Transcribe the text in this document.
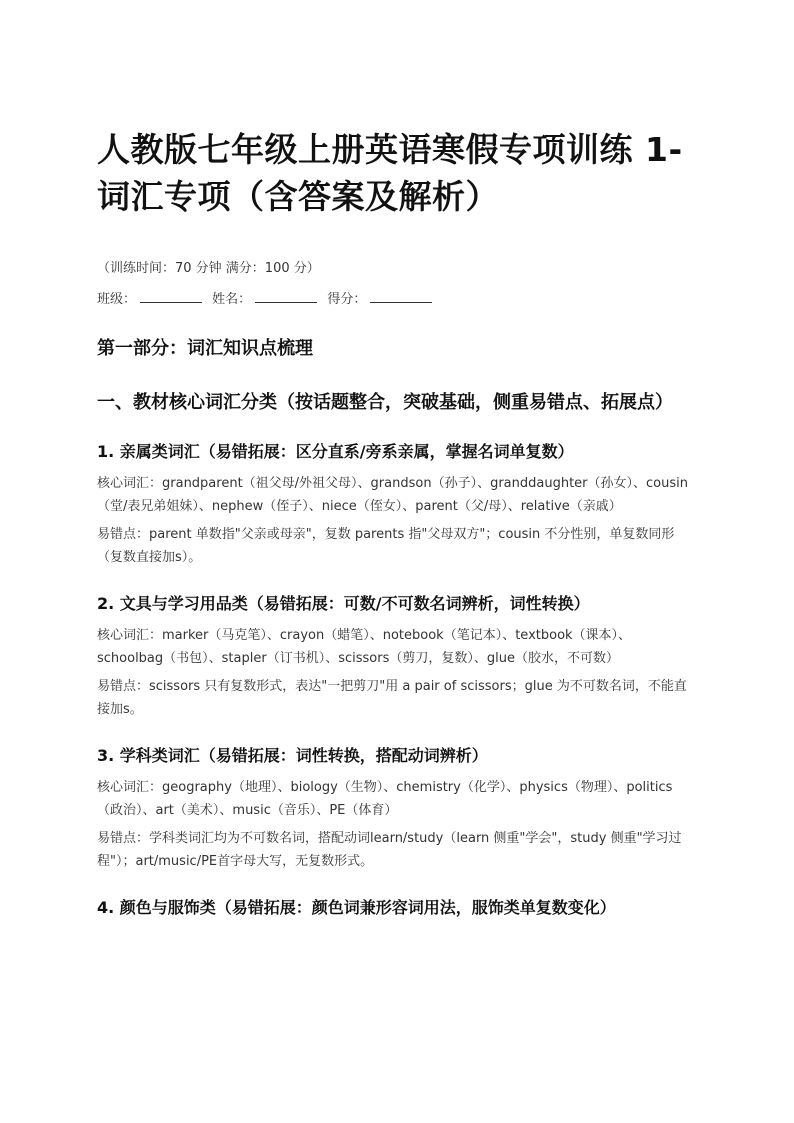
人教版七年级上册英语寒假专项训练 1-词汇专项（含答案及解析）
（训练时间：70 分钟 满分：100 分）
班级：	姓名：	得分：
第一部分：词汇知识点梳理
一、教材核心词汇分类（按话题整合，突破基础，侧重易错点、拓展点）
1. 亲属类词汇（易错拓展：区分直系/旁系亲属，掌握名词单复数）
核心词汇：grandparent（祖父母/外祖父母）、grandson（孙子）、granddaughter（孙女）、cousin（堂/表兄弟姐妹）、nephew（侄子）、niece（侄女）、parent（父/母）、relative（亲戚）
易错点：parent 单数指"父亲或母亲"，复数 parents 指"父母双方"；cousin 不分性别，单复数同形（复数直接加s）。
2. 文具与学习用品类（易错拓展：可数/不可数名词辨析，词性转换）
核心词汇：marker（马克笔）、crayon（蜡笔）、notebook（笔记本）、textbook（课本）、schoolbag（书包）、stapler（订书机）、scissors（剪刀，复数）、glue（胶水，不可数）
易错点：scissors 只有复数形式，表达"一把剪刀"用 a pair of scissors；glue 为不可数名词，不能直接加s。
3. 学科类词汇（易错拓展：词性转换，搭配动词辨析）
核心词汇：geography（地理）、biology（生物）、chemistry（化学）、physics（物理）、politics（政治）、art（美术）、music（音乐）、PE（体育）
易错点：学科类词汇均为不可数名词，搭配动词learn/study（learn 侧重"学会"，study 侧重"学习过程"）；art/music/PE首字母大写，无复数形式。
4. 颜色与服饰类（易错拓展：颜色词兼形容词用法，服饰类单复数变化）
